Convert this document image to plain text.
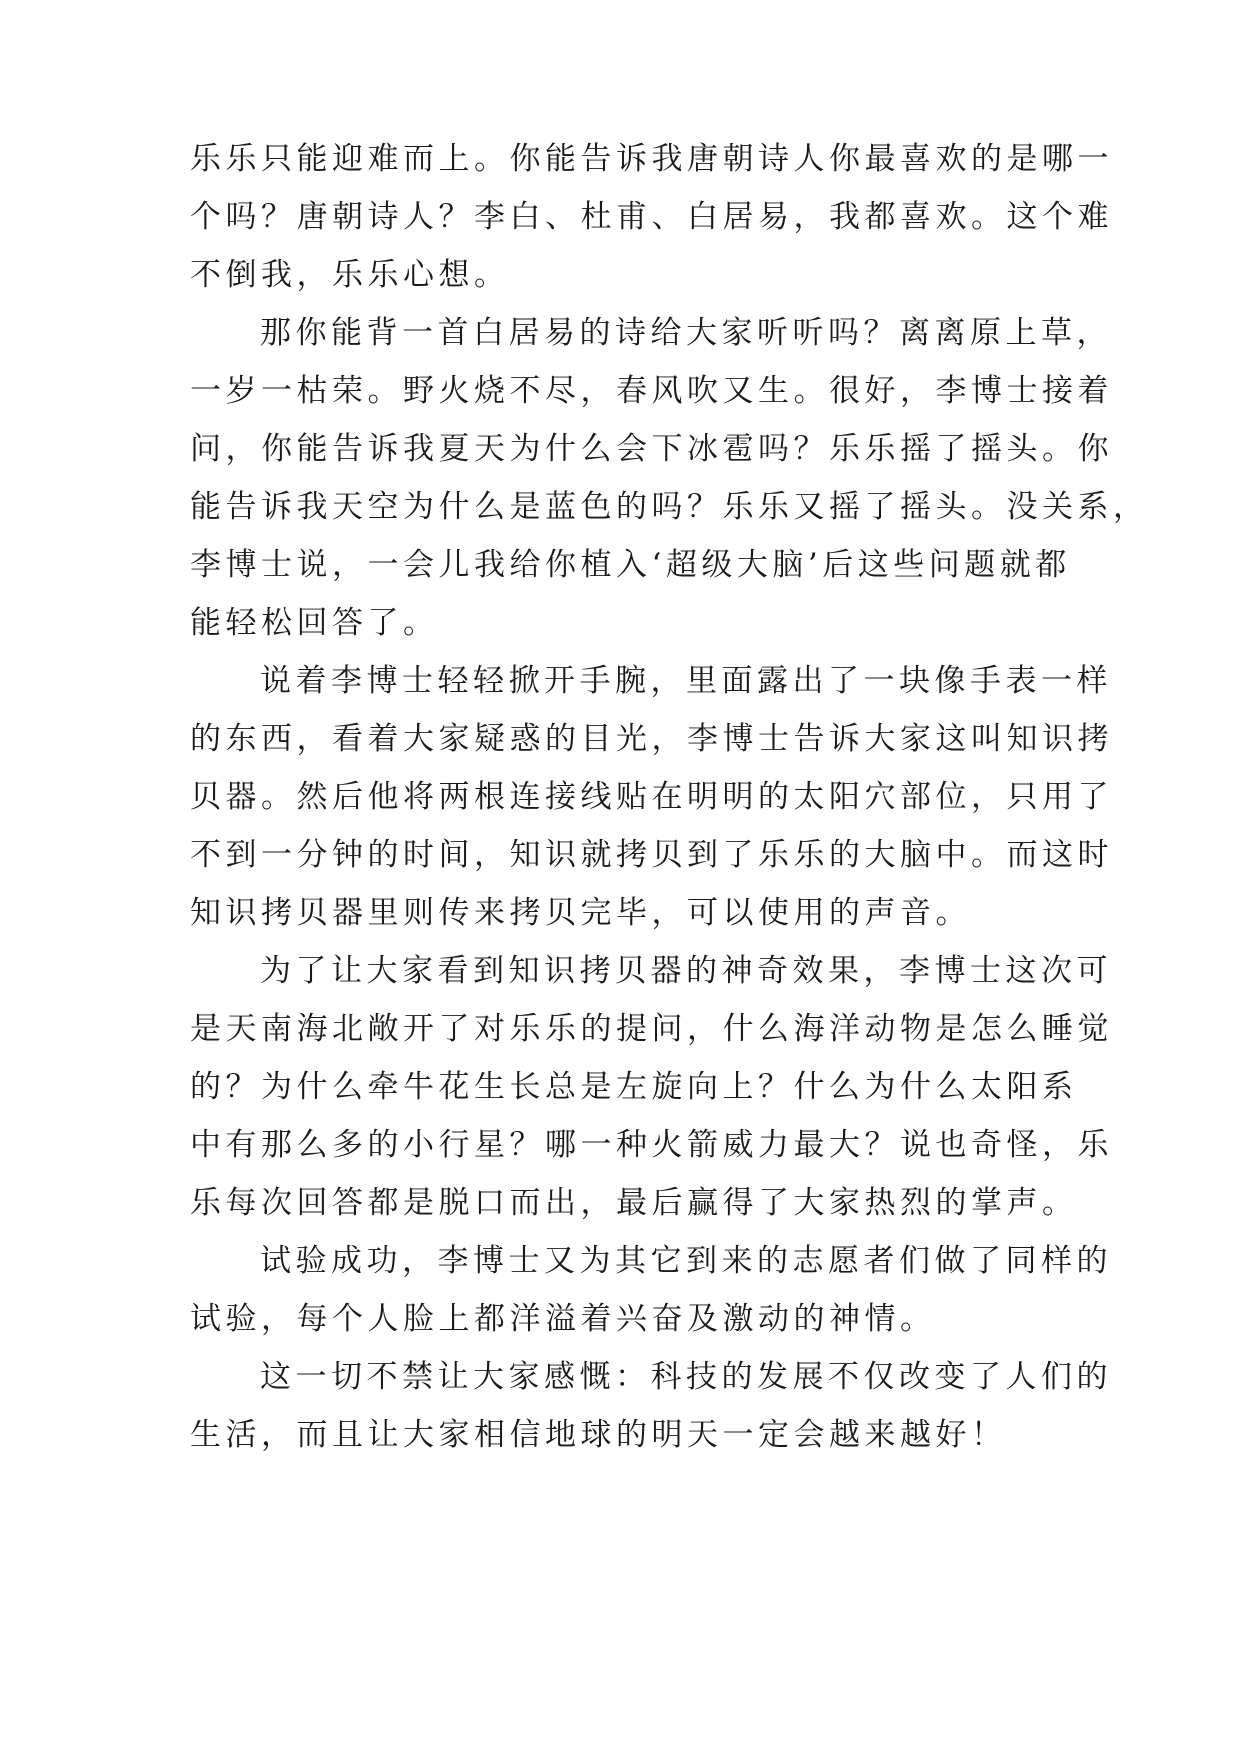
乐乐只能迎难而上。你能告诉我唐朝诗人你最喜欢的是哪一
个吗？唐朝诗人？李白、杜甫、白居易，我都喜欢。这个难
不倒我，乐乐心想。
那你能背一首白居易的诗给大家听听吗？离离原上草，
一岁一枯荣。野火烧不尽，春风吹又生。很好，李博士接着
问，你能告诉我夏天为什么会下冰雹吗？乐乐摇了摇头。你
能告诉我天空为什么是蓝色的吗？乐乐又摇了摇头。没关系，
李博士说，一会儿我给你植入‘超级大脑’后这些问题就都
能轻松回答了。
说着李博士轻轻掀开手腕，里面露出了一块像手表一样
的东西，看着大家疑惑的目光，李博士告诉大家这叫知识拷
贝器。然后他将两根连接线贴在明明的太阳穴部位，只用了
不到一分钟的时间，知识就拷贝到了乐乐的大脑中。而这时
知识拷贝器里则传来拷贝完毕，可以使用的声音。
为了让大家看到知识拷贝器的神奇效果，李博士这次可
是天南海北敞开了对乐乐的提问，什么海洋动物是怎么睡觉
的？为什么牵牛花生长总是左旋向上？什么为什么太阳系
中有那么多的小行星？哪一种火箭威力最大？说也奇怪，乐
乐每次回答都是脱口而出，最后赢得了大家热烈的掌声。
试验成功，李博士又为其它到来的志愿者们做了同样的
试验，每个人脸上都洋溢着兴奋及激动的神情。
这一切不禁让大家感慨：科技的发展不仅改变了人们的
生活，而且让大家相信地球的明天一定会越来越好！
